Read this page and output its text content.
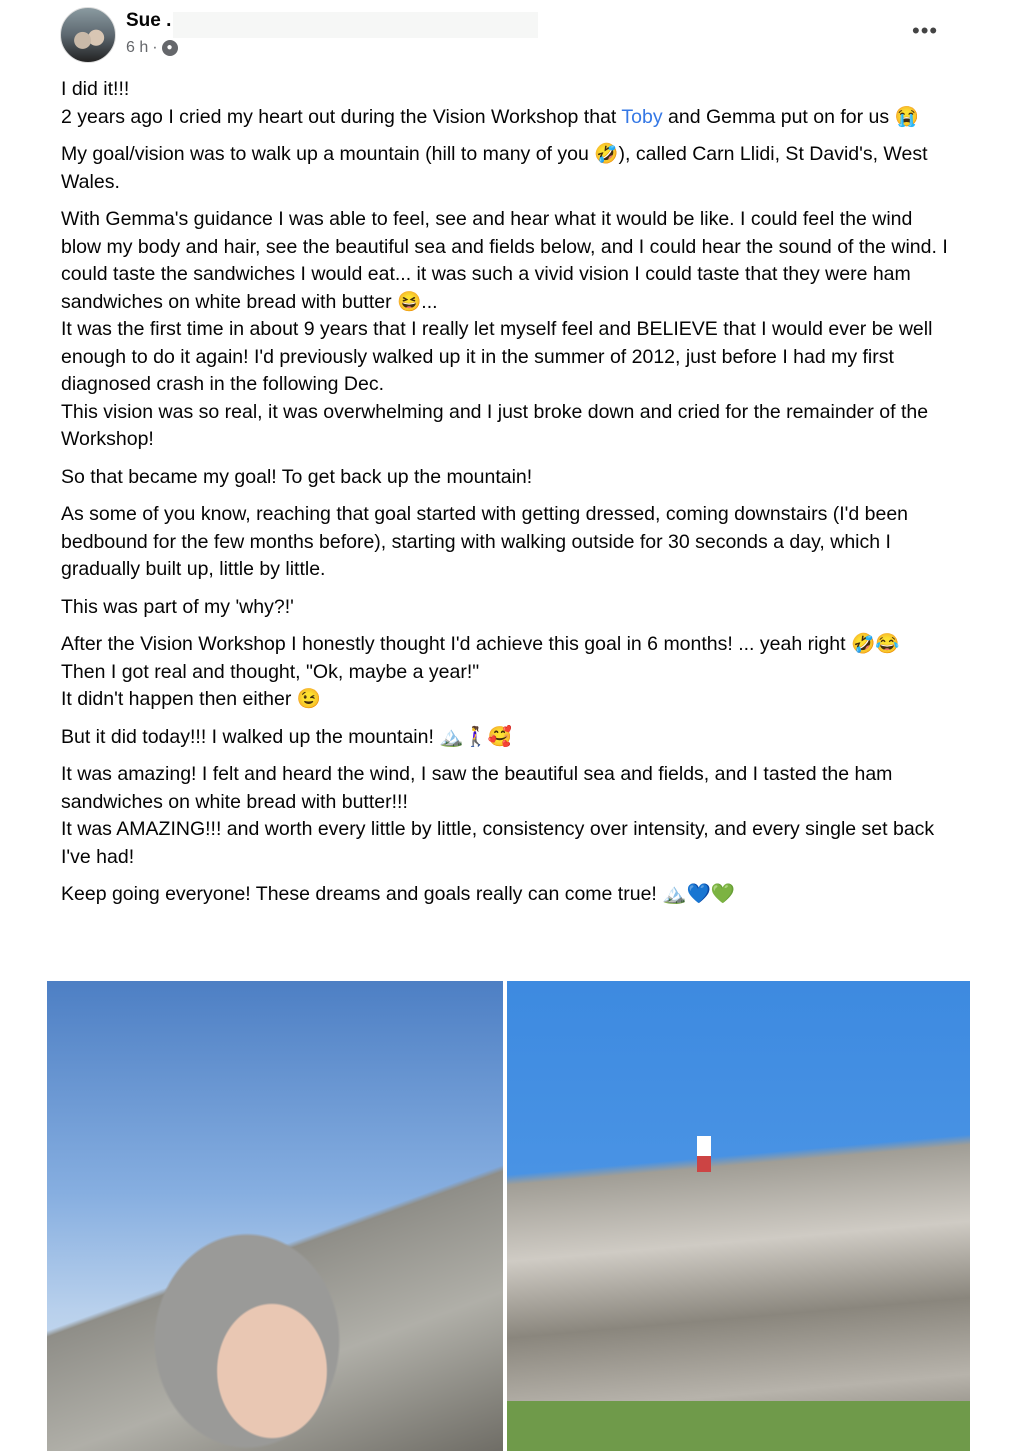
Sue .
6 h · ●
•••

I did it!!!
2 years ago I cried my heart out during the Vision Workshop that Toby and Gemma put on for us 😭

My goal/vision was to walk up a mountain (hill to many of you 🤣), called Carn Llidi, St David's, West Wales.

With Gemma's guidance I was able to feel, see and hear what it would be like. I could feel the wind blow my body and hair, see the beautiful sea and fields below, and I could hear the sound of the wind. I could taste the sandwiches I would eat... it was such a vivid vision I could taste that they were ham sandwiches on white bread with butter 😆...
It was the first time in about 9 years that I really let myself feel and BELIEVE that I would ever be well enough to do it again! I'd previously walked up it in the summer of 2012, just before I had my first diagnosed crash in the following Dec.
This vision was so real, it was overwhelming and I just broke down and cried for the remainder of the Workshop!

So that became my goal! To get back up the mountain!

As some of you know, reaching that goal started with getting dressed, coming downstairs (I'd been bedbound for the few months before), starting with walking outside for 30 seconds a day, which I gradually built up, little by little.

This was part of my 'why?!'

After the Vision Workshop I honestly thought I'd achieve this goal in 6 months! ... yeah right 🤣😂
Then I got real and thought, "Ok, maybe a year!"
It didn't happen then either 😉

But it did today!!! I walked up the mountain! 🏔️🚶‍♀️🥰

It was amazing! I felt and heard the wind, I saw the beautiful sea and fields, and I tasted the ham sandwiches on white bread with butter!!!
It was AMAZING!!! and worth every little by little, consistency over intensity, and every single set back I've had!

Keep going everyone! These dreams and goals really can come true! 🏔️💙💚
